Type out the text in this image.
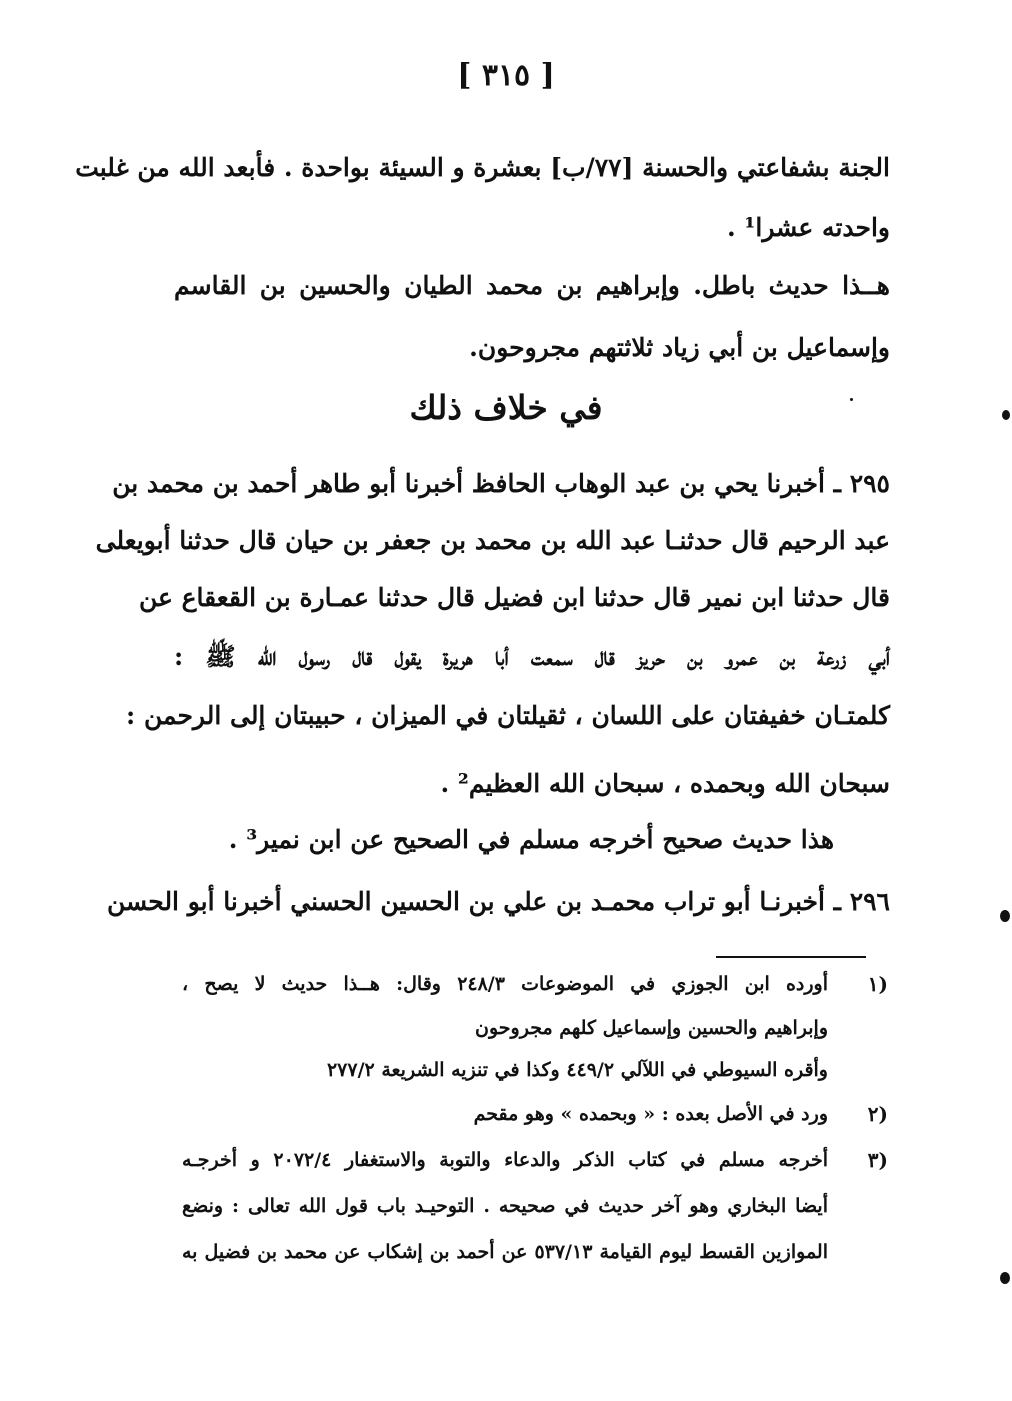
[ ٣١٥ ]
الجنة بشفاعتي والحسنة [٧٧/ب] بعشرة و السيئة بواحدة . فأبعد الله من غلبت
واحدته عشرا¹ .
هــذا حديث باطل. وإبراهيم بن محمد الطيان والحسين بن القاسم
وإسماعيل بن أبي زياد ثلاثتهم مجروحون.
في خلاف ذلك
٢٩٥ ـ أخبرنا يحي بن عبد الوهاب الحافظ أخبرنا أبو طاهر أحمد بن محمد بن
عبد الرحيم قال حدثنـا عبد الله بن محمد بن جعفر بن حيان قال حدثنا أبويعلى
قال حدثنا ابن نمير قال حدثنا ابن فضيل قال حدثنا عمـارة بن القعقاع عن
أبي زرعة بن عمرو بن حريز قال سمعت أبا هريرة يقول قال رسول الله ﷺ :
كلمتـان خفيفتان على اللسان ، ثقيلتان في الميزان ، حبيبتان إلى الرحمن :
سبحان الله وبحمده ، سبحان الله العظيم² .
هذا حديث صحيح أخرجه مسلم في الصحيح عن ابن نمير³ .
٢٩٦ ـ أخبرنـا أبو تراب محمـد بن علي بن الحسين الحسني أخبرنا أبو الحسن
(١
أورده ابن الجوزي في الموضوعات ٢٤٨/٣ وقال: هــذا حديث لا يصح ،
وإبراهيم والحسين وإسماعيل كلهم مجروحون
وأقره السيوطي في اللآلي ٤٤٩/٢ وكذا في تنزيه الشريعة ٢٧٧/٢
(٢
ورد في الأصل بعده : « وبحمده » وهو مقحم
(٣
أخرجه مسلم في كتاب الذكر والدعاء والتوبة والاستغفار ٢٠٧٢/٤ و أخرجـه
أيضا البخاري وهو آخر حديث في صحيحه . التوحيـد باب قول الله تعالى : ونضع
الموازين القسط ليوم القيامة ٥٣٧/١٣ عن أحمد بن إشكاب عن محمد بن فضيل به
